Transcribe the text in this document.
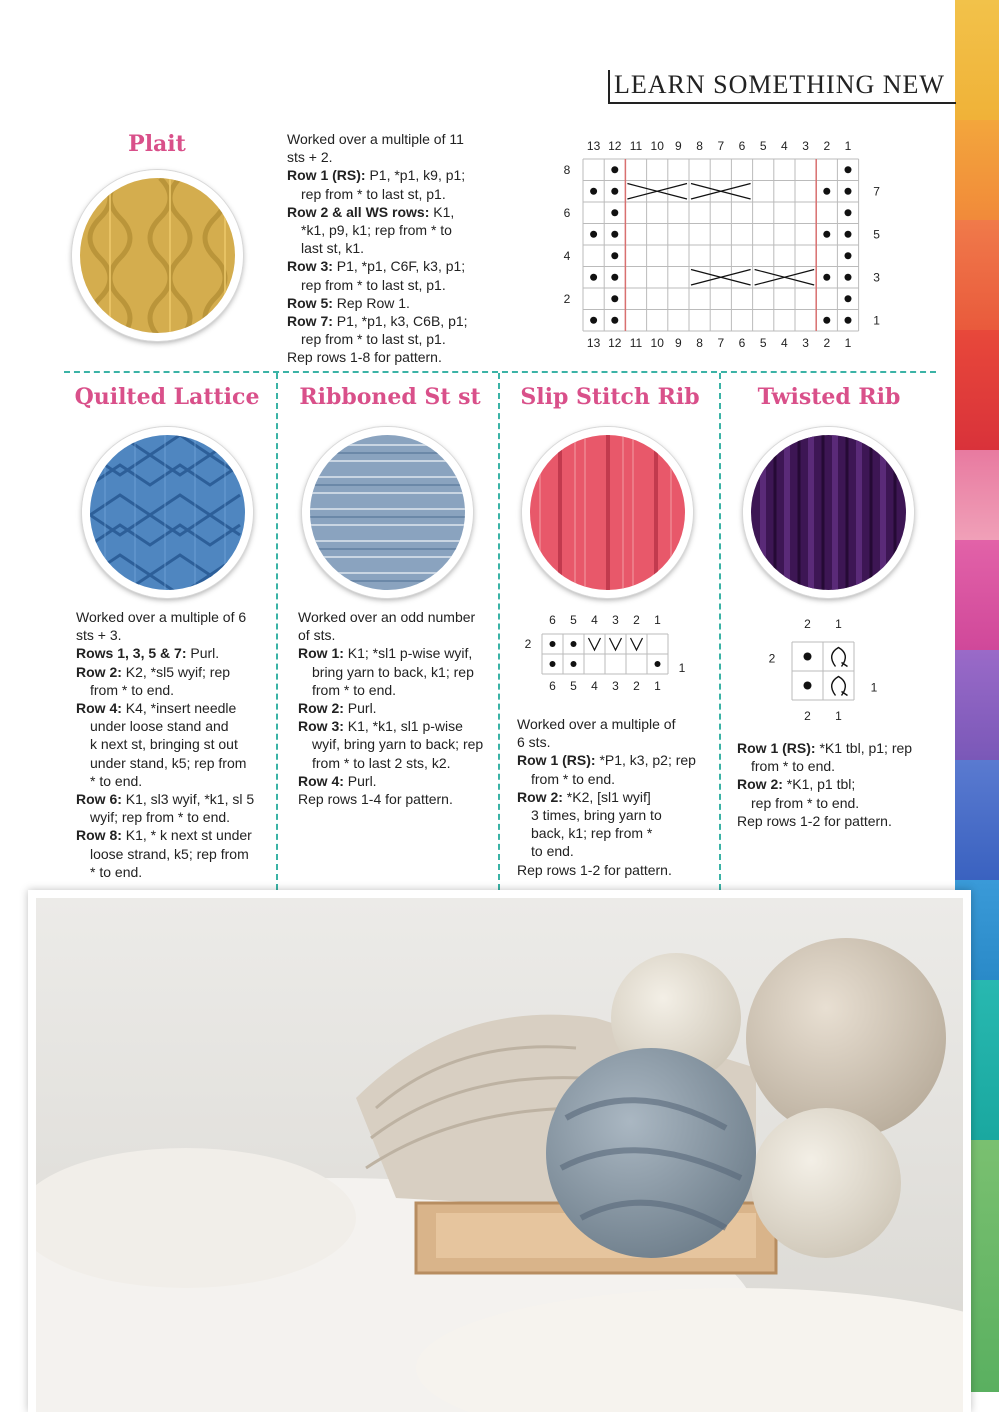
LEARN SOMETHING NEW
Plait	Worked over a multiple of 11

sts + 2.

Row 1 (RS): P1, *p1, k9, p1;

rep from * to last st, p1.

Row 2 & all WS rows: K1,

*k1, p9, k1; rep from * to

last st, k1.

Row 3: P1, *p1, C6F, k3, p1;

rep from * to last st, p1.

Row 5: Rep Row 1.

Row 7: P1, *p1, k3, C6B, p1;

rep from * to last st, p1.

Rep rows 1-8 for pattern.

13
13
12
12
11
11
10
10
9
9
8
8
7
7
6
6
5
5
4
4
3
3
2
2
1
1
8
6
4
2
7
5
3
1
Quilted Lattice

Worked over a multiple of 6

sts + 3.

Rows 1, 3, 5 & 7: Purl.

Row 2: K2, *sl5 wyif; rep

from * to end.

Row 4: K4, *insert needle

under loose stand and

k next st, bringing st out

under stand, k5; rep from

* to end.

Row 6: K1, sl3 wyif, *k1, sl 5

wyif; rep from * to end.

Row 8: K1, * k next st under

loose strand, k5; rep from

* to end.

Ribboned St st

Worked over an odd number

of sts.

Row 1: K1; *sl1 p-wise wyif,

bring yarn to back, k1; rep

from * to end.

Row 2: Purl.

Row 3: K1, *k1, sl1 p-wise

wyif, bring yarn to back; rep

from * to last 2 sts, k2.

Row 4: Purl.

Rep rows 1-4 for pattern.

Slip Stitch Rib
6
6
5
5
4
4
3
3
2
2
1
1
2
1

Worked over a multiple of

6 sts.

Row 1 (RS): *P1, k3, p2; rep

from * to end.

Row 2: *K2, [sl1 wyif]

3 times, bring yarn to

back, k1; rep from *

to end.

Rep rows 1-2 for pattern.

Twisted Rib
2
2
1
1
2
1

Row 1 (RS): *K1 tbl, p1; rep

from * to end.

Row 2: *K1, p1 tbl;

rep from * to end.

Rep rows 1-2 for pattern.
